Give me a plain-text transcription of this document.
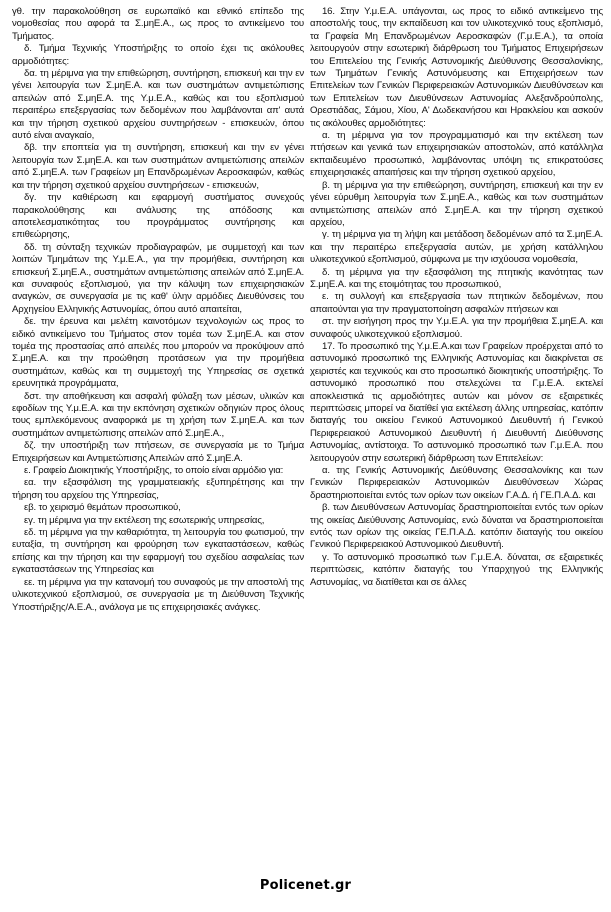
γθ. την παρακολούθηση σε ευρωπαϊκό και εθνικό επίπεδο της νομοθεσίας που αφορά τα Σ.μηΕ.Α., ως προς το αντικείμενο του Τμήματος.

δ. Τμήμα Τεχνικής Υποστήριξης το οποίο έχει τις ακόλουθες αρμοδιότητες:

δα. τη μέριμνα για την επιθεώρηση, συντήρηση, επισκευή και την εν γένει λειτουργία των Σ.μηΕ.Α. και των συστημάτων αντιμετώπισης απειλών από Σ.μηΕ.Α. της Υ.μ.Ε.Α., καθώς και του εξοπλισμού περαιτέρω επεξεργασίας των δεδομένων που λαμβάνονται απ' αυτά και την τήρηση σχετικού αρχείου συντηρήσεων - επισκευών, όπου αυτό είναι αναγκαίο,

δβ. την εποπτεία για τη συντήρηση, επισκευή και την εν γένει λειτουργία των Σ.μηΕ.Α. και των συστημάτων αντιμετώπισης απειλών από Σ.μηΕ.Α. των Γραφείων μη Επανδρωμένων Αεροσκαφών, καθώς και την τήρηση σχετικού αρχείου συντηρήσεων - επισκευών,

δγ. την καθιέρωση και εφαρμογή συστήματος συνεχούς παρακολούθησης και ανάλυσης της απόδοσης και αποτελεσματικότητας του προγράμματος συντήρησης και επιθεώρησης,

δδ. τη σύνταξη τεχνικών προδιαγραφών, με συμμετοχή και των λοιπών Τμημάτων της Υ.μ.Ε.Α., για την προμήθεια, συντήρηση και επισκευή Σ.μηΕ.Α., συστημάτων αντιμετώπισης απειλών από Σ.μηΕ.Α. και συναφούς εξοπλισμού, για την κάλυψη των επιχειρησιακών αναγκών, σε συνεργασία με τις καθ' ύλην αρμόδιες Διευθύνσεις του Αρχηγείου Ελληνικής Αστυνομίας, όπου αυτό απαιτείται,

δε. την έρευνα και μελέτη καινοτόμων τεχνολογιών ως προς το ειδικό αντικείμενο του Τμήματος στον τομέα των Σ.μηΕ.Α. και στον τομέα της προστασίας από απειλές που μπορούν να προκύψουν από Σ.μηΕ.Α. και την προώθηση προτάσεων για την προμήθεια συστημάτων, καθώς και τη συμμετοχή της Υπηρεσίας σε σχετικά ερευνητικά προγράμματα,

δστ. την αποθήκευση και ασφαλή φύλαξη των μέσων, υλικών και εφοδίων της Υ.μ.Ε.Α. και την εκπόνηση σχετικών οδηγιών προς όλους τους εμπλεκόμενους αναφορικά με τη χρήση των Σ.μηΕ.Α. και των συστημάτων αντιμετώπισης απειλών από Σ.μηΕ.Α.,

δζ. την υποστήριξη των πτήσεων, σε συνεργασία με το Τμήμα Επιχειρήσεων και Αντιμετώπισης Απειλών από Σ.μηΕ.Α.

ε. Γραφείο Διοικητικής Υποστήριξης, το οποίο είναι αρμόδιο για:

εα. την εξασφάλιση της γραμματειακής εξυπηρέτησης και την τήρηση του αρχείου της Υπηρεσίας,

εβ. το χειρισμό θεμάτων προσωπικού,

εγ. τη μέριμνα για την εκτέλεση της εσωτερικής υπηρεσίας,

εδ. τη μέριμνα για την καθαριότητα, τη λειτουργία του φωτισμού, την ευταξία, τη συντήρηση και φρούρηση των εγκαταστάσεων, καθώς επίσης και την τήρηση και την εφαρμογή του σχεδίου ασφαλείας των εγκαταστάσεων της Υπηρεσίας και

εε. τη μέριμνα για την κατανομή του συναφούς με την αποστολή της υλικοτεχνικού εξοπλισμού, σε συνεργασία με τη Διεύθυνση Τεχνικής Υποστήριξης/Α.Ε.Α., ανάλογα με τις επιχειρησιακές ανάγκες.

16. Στην Υ.μ.Ε.Α. υπάγονται, ως προς το ειδικό αντικείμενο της αποστολής τους, την εκπαίδευση και τον υλικοτεχνικό τους εξοπλισμό, τα Γραφεία Μη Επανδρωμένων Αεροσκαφών (Γ.μ.Ε.Α.), τα οποία λειτουργούν στην εσωτερική διάρθρωση του Τμήματος Επιχειρήσεων του Επιτελείου της Γενικής Αστυνομικής Διεύθυνσης Θεσσαλονίκης, των Τμημάτων Γενικής Αστυνόμευσης και Επιχειρήσεων των Επιτελείων των Γενικών Περιφερειακών Αστυνομικών Διευθύνσεων και των Επιτελείων των Διευθύνσεων Αστυνομίας Αλεξανδρούπολης, Ορεστιάδας, Σάμου, Χίου, Α' Δωδεκανήσου και Ηρακλείου και ασκούν τις ακόλουθες αρμοδιότητες:

α. τη μέριμνα για τον προγραμματισμό και την εκτέλεση των πτήσεων και γενικά των επιχειρησιακών αποστολών, από κατάλληλα εκπαιδευμένο προσωπικό, λαμβάνοντας υπόψη τις επικρατούσες επιχειρησιακές απαιτήσεις και την τήρηση σχετικού αρχείου,

β. τη μέριμνα για την επιθεώρηση, συντήρηση, επισκευή και την εν γένει εύρυθμη λειτουργία των Σ.μηΕ.Α., καθώς και των συστημάτων αντιμετώπισης απειλών από Σ.μηΕ.Α. και την τήρηση σχετικού αρχείου,

γ. τη μέριμνα για τη λήψη και μετάδοση δεδομένων από τα Σ.μηΕ.Α. και την περαιτέρω επεξεργασία αυτών, με χρήση κατάλληλου υλικοτεχνικού εξοπλισμού, σύμφωνα με την ισχύουσα νομοθεσία,

δ. τη μέριμνα για την εξασφάλιση της πτητικής ικανότητας των Σ.μηΕ.Α. και της ετοιμότητας του προσωπικού,

ε. τη συλλογή και επεξεργασία των πτητικών δεδομένων, που απαιτούνται για την πραγματοποίηση ασφαλών πτήσεων και

στ. την εισήγηση προς την Υ.μ.Ε.Α. για την προμήθεια Σ.μηΕ.Α. και συναφούς υλικοτεχνικού εξοπλισμού.

17. Το προσωπικό της Υ.μ.Ε.Α.και των Γραφείων προέρχεται από το αστυνομικό προσωπικό της Ελληνικής Αστυνομίας και διακρίνεται σε χειριστές και τεχνικούς και στο προσωπικό διοικητικής υποστήριξης. Το αστυνομικό προσωπικό που στελεχώνει τα Γ.μ.Ε.Α. εκτελεί αποκλειστικά τις αρμοδιότητες αυτών και μόνον σε εξαιρετικές περιπτώσεις μπορεί να διατίθεί για εκτέλεση άλλης υπηρεσίας, κατόπιν διαταγής του οικείου Γενικού Αστυνομικού Διευθυντή ή Γενικού Περιφερειακού Αστυνομικού Διευθυντή ή Διευθυντή Διεύθυνσης Αστυνομίας, αντίστοιχα. Το αστυνομικό προσωπικό των Γ.μ.Ε.Α. που λειτουργούν στην εσωτερική διάρθρωση των Επιτελείων:

α. της Γενικής Αστυνομικής Διεύθυνσης Θεσσαλονίκης και των Γενικών Περιφερειακών Αστυνομικών Διευθύνσεων Χώρας δραστηριοποιείται εντός των ορίων των οικείων Γ.Α.Δ. ή ΓΕ.Π.Α.Δ. και

β. των Διευθύνσεων Αστυνομίας δραστηριοποιείται εντός των ορίων της οικείας Διεύθυνσης Αστυνομίας, ενώ δύναται να δραστηριοποιείται εντός των ορίων της οικείας ΓΕ.Π.Α.Δ. κατόπιν διαταγής του οικείου Γενικού Περιφερειακού Αστυνομικού Διευθυντή.

γ. Το αστυνομικό προσωπικό των Γ.μ.Ε.Α. δύναται, σε εξαιρετικές περιπτώσεις, κατόπιν διαταγής του Υπαρχηγού της Ελληνικής Αστυνομίας, να διατίθεται και σε άλλες

Policenet.gr
